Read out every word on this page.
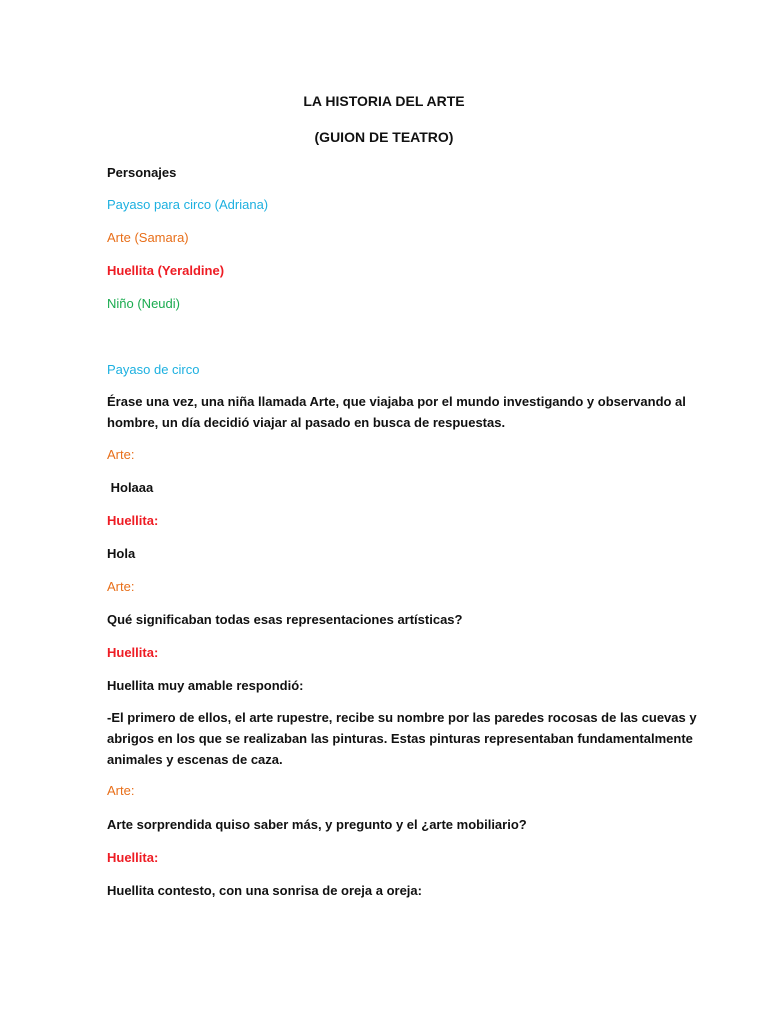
LA HISTORIA DEL ARTE
(GUION DE TEATRO)
Personajes
Payaso para circo (Adriana)
Arte (Samara)
Huellita (Yeraldine)
Niño (Neudi)
Payaso de circo
Érase una vez, una niña llamada Arte, que viajaba por el mundo investigando y observando al
hombre, un día decidió viajar al pasado en busca de respuestas.
Arte:
Holaaa
Huellita:
Hola
Arte:
Qué significaban todas esas representaciones artísticas?
Huellita:
Huellita muy amable respondió:
-El primero de ellos, el arte rupestre, recibe su nombre por las paredes rocosas de las cuevas y
abrigos en los que se realizaban las pinturas. Estas pinturas representaban fundamentalmente
animales y escenas de caza.
Arte:
Arte sorprendida quiso saber más, y pregunto y el ¿arte mobiliario?
Huellita:
Huellita contesto, con una sonrisa de oreja a oreja:
